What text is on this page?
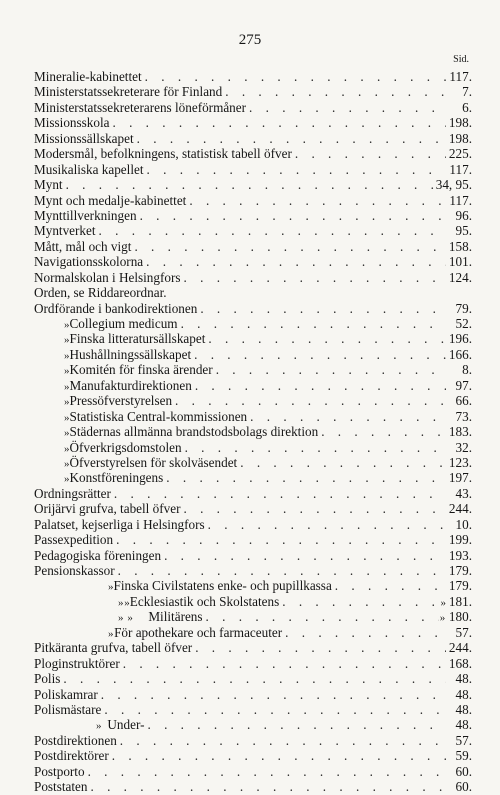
275
Sid.
Mineralie-kabinettet . . .	117.
Ministerstatssekreterare för Finland . . .	7.
Ministerstatssekreterarens löneförmåner . . .	6.
Missionsskola . . .	198.
Missionssällskapet . . .	198.
Modersmål, befolkningens, statistisk tabell öfver . . .	225.
Musikaliska kapellet . . .	117.
Mynt . . .	34, 95.
Mynt och medalje-kabinettet . . .	117.
Mynttillverkningen . . .	96.
Myntverket . . .	95.
Mått, mål och vigt . . .	158.
Navigationsskolorna . . .	101.
Normalskolan i Helsingfors . . .	124.
Orden, se Riddareordnar.
Ordförande i bankodirektionen . . .	79.
» Collegium medicum . . .	52.
» Finska litteratursällskapet . . .	196.
» Hushållningssällskapet . . .	166.
» Komitén för finska ärender . . .	8.
» Manufakturdirektionen . . .	97.
» Pressöfverstyrelsen . . .	66.
» Statistiska Central-kommissionen . . .	73.
» Städernas allmänna brandstodsbolags direktion . . .	183.
» Öfverkrigsdomstolen . . .	32.
» Öfverstyrelsen för skolväsendet . . .	123.
» Konstföreningens . . .	197.
Ordningsrätter . . .	43.
Orijärvi grufva, tabell öfver . . .	244.
Palatset, kejserliga i Helsingfors . . .	10.
Passexpedition . . .	199.
Pedagogiska föreningen . . .	193.
Pensionskassor . . .	179.
» Finska Civilstatens enke- och pupillkassa . . .	179.
» » Ecklesiastik och Skolstatens . . .	» 181.
» »	Militärens . . .	» 180.
» För apothekare och farmaceuter . . .	57.
Pitkäranta grufva, tabell öfver . . .	244.
Ploginstruktörer . . .	168.
Polis . . .	48.
Poliskamrar . . .	48.
Polismästare . . .	48.
» Under- . . .	48.
Postdirektionen . . .	57.
Postdirektörer . . .	59.
Postporto . . .	60.
Poststaten . . .	60.
